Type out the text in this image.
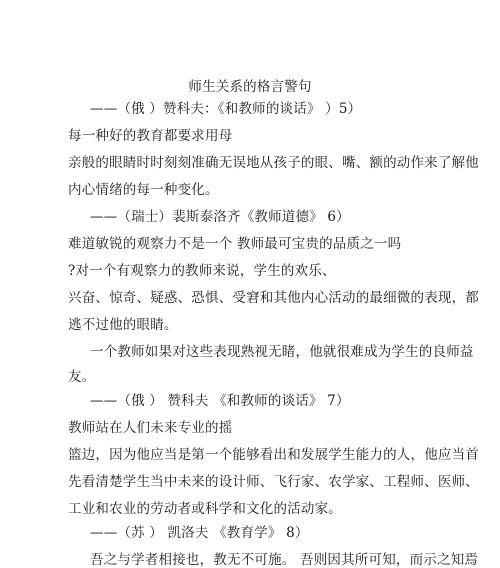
师生关系的格言警句
——（俄 ）赞科夫：《和教师的谈话》 ）5）
每一种好的教育都要求用母
亲般的眼睛时时刻刻准确无误地从孩子的眼、嘴、额的动作来了解他
内心情绪的每一种变化。
——（瑞士）裴斯泰洛齐《教师道德》 6）
难道敏锐的观察力不是一个 教师最可宝贵的品质之一吗
?对一个有观察力的教师来说，学生的欢乐、
兴奋、惊奇、疑惑、恐惧、受窘和其他内心活动的最细微的表现，都
逃不过他的眼睛。
一个教师如果对这些表现熟视无睹，他就很难成为学生的良师益
友。
——（俄 ） 赞科夫 《和教师的谈话》 7）
教师站在人们未来专业的摇
篮边，因为他应当是第一个能够看出和发展学生能力的人，他应当首
先看清楚学生当中未来的设计师、飞行家、农学家、工程师、医师、
工业和农业的劳动者或科学和文化的活动家。
——（苏 ） 凯洛夫 《教育学》 8）
吾之与学者相接也，教无不可施。 吾则因其所可知，而示之知焉
